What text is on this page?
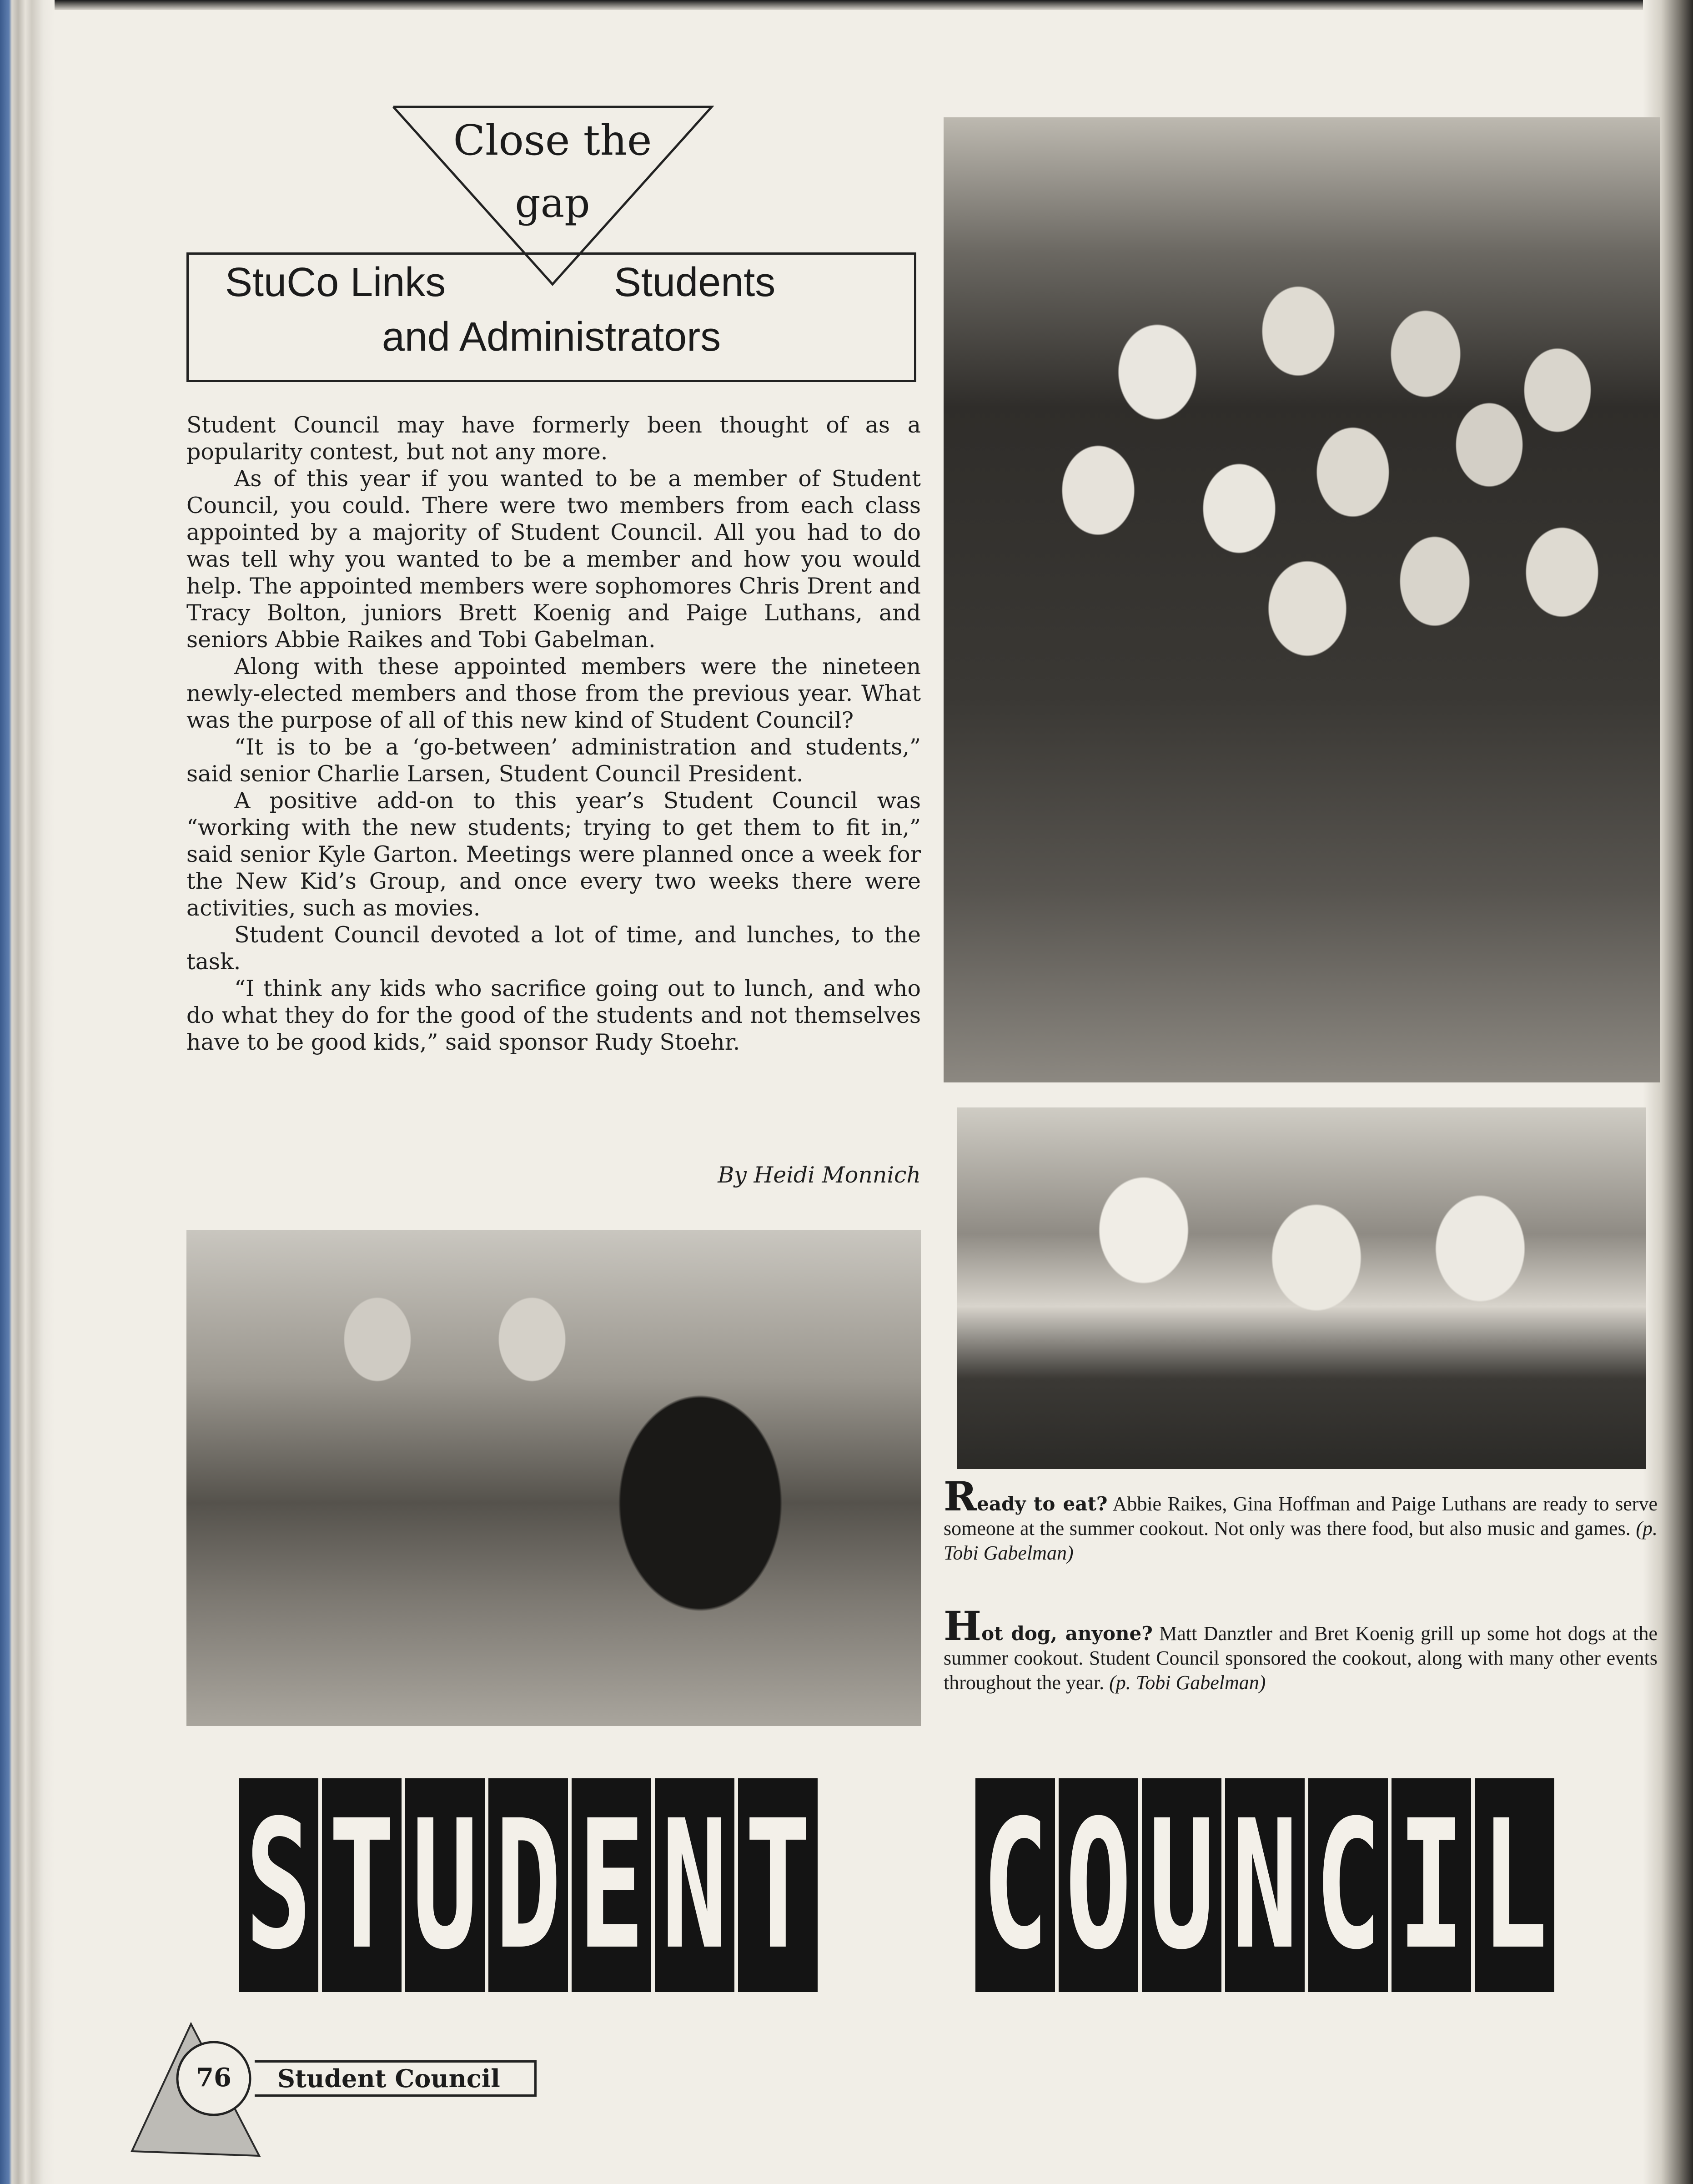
Close the
gap
StuCo Links	Students
and Administrators

Student Council may have formerly been thought of as a popularity contest, but not any more.

As of this year if you wanted to be a member of Student Council, you could. There were two members from each class appointed by a majority of Student Council. All you had to do was tell why you wanted to be a member and how you would help. The appointed members were sophomores Chris Drent and Tracy Bolton, juniors Brett Koenig and Paige Luthans, and seniors Abbie Raikes and Tobi Gabelman.

Along with these appointed members were the nineteen newly-elected members and those from the previous year. What was the purpose of all of this new kind of Student Council?

“It is to be a ‘go-between’ administration and students,” said senior Charlie Larsen, Student Council President.

A positive add-on to this year’s Student Council was “working with the new students; trying to get them to fit in,” said senior Kyle Garton. Meetings were planned once a week for the New Kid’s Group, and once every two weeks there were activities, such as movies.

Student Council devoted a lot of time, and lunches, to the task.

“I think any kids who sacrifice going out to lunch, and who do what they do for the good of the students and not themselves have to be good kids,” said sponsor Rudy Stoehr.

By Heidi Monnich
Ready to eat? Abbie Raikes, Gina Hoffman and Paige Luthans are ready to serve someone at the summer cookout. Not only was there food, but also music and games. (p. Tobi Gabelman)
Hot dog, anyone? Matt Danztler and Bret Koenig grill up some hot dogs at the summer cookout. Student Council sponsored the cookout, along with many other events throughout the year. (p. Tobi Gabelman)
S T U D E N T C O U N C I L
76	Student Council
